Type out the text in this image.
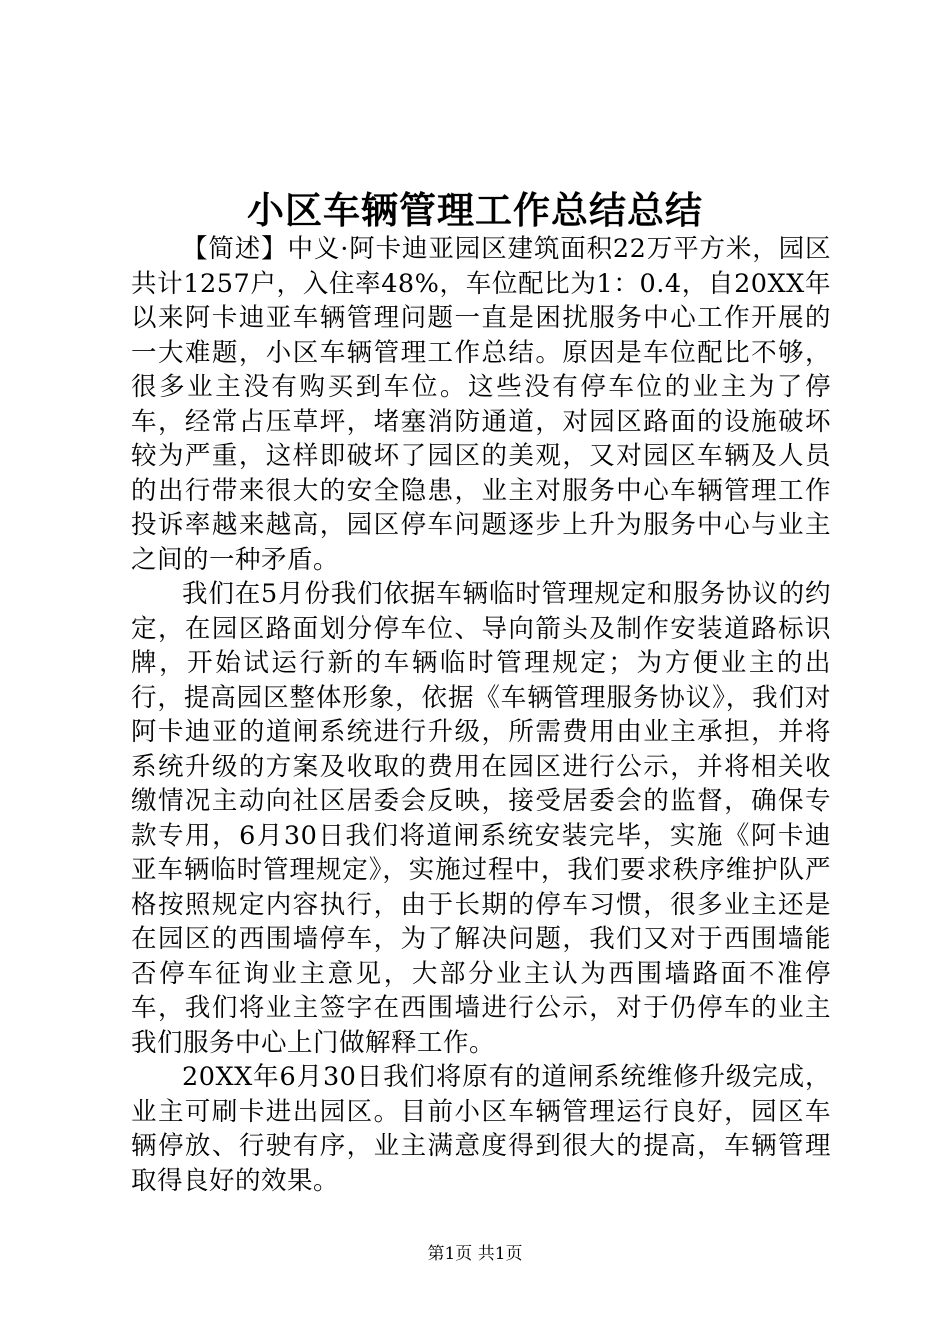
小区车辆管理工作总结总结

【简述】中义·阿卡迪亚园区建筑面积22万平方米，园区共计1257户，入住率48%，车位配比为1：0.4，自20XX年以来阿卡迪亚车辆管理问题一直是困扰服务中心工作开展的一大难题，小区车辆管理工作总结。原因是车位配比不够，很多业主没有购买到车位。这些没有停车位的业主为了停车，经常占压草坪，堵塞消防通道，对园区路面的设施破坏较为严重，这样即破坏了园区的美观，又对园区车辆及人员的出行带来很大的安全隐患，业主对服务中心车辆管理工作投诉率越来越高，园区停车问题逐步上升为服务中心与业主之间的一种矛盾。

我们在5月份我们依据车辆临时管理规定和服务协议的约定，在园区路面划分停车位、导向箭头及制作安装道路标识牌，开始试运行新的车辆临时管理规定；为方便业主的出行，提高园区整体形象，依据《车辆管理服务协议》，我们对阿卡迪亚的道闸系统进行升级，所需费用由业主承担，并将系统升级的方案及收取的费用在园区进行公示，并将相关收缴情况主动向社区居委会反映，接受居委会的监督，确保专款专用，6月30日我们将道闸系统安装完毕，实施《阿卡迪亚车辆临时管理规定》，实施过程中，我们要求秩序维护队严格按照规定内容执行，由于长期的停车习惯，很多业主还是在园区的西围墙停车，为了解决问题，我们又对于西围墙能否停车征询业主意见，大部分业主认为西围墙路面不准停车，我们将业主签字在西围墙进行公示，对于仍停车的业主我们服务中心上门做解释工作。

20XX年6月30日我们将原有的道闸系统维修升级完成，业主可刷卡进出园区。目前小区车辆管理运行良好，园区车辆停放、行驶有序，业主满意度得到很大的提高，车辆管理取得良好的效果。

第1页 共1页
